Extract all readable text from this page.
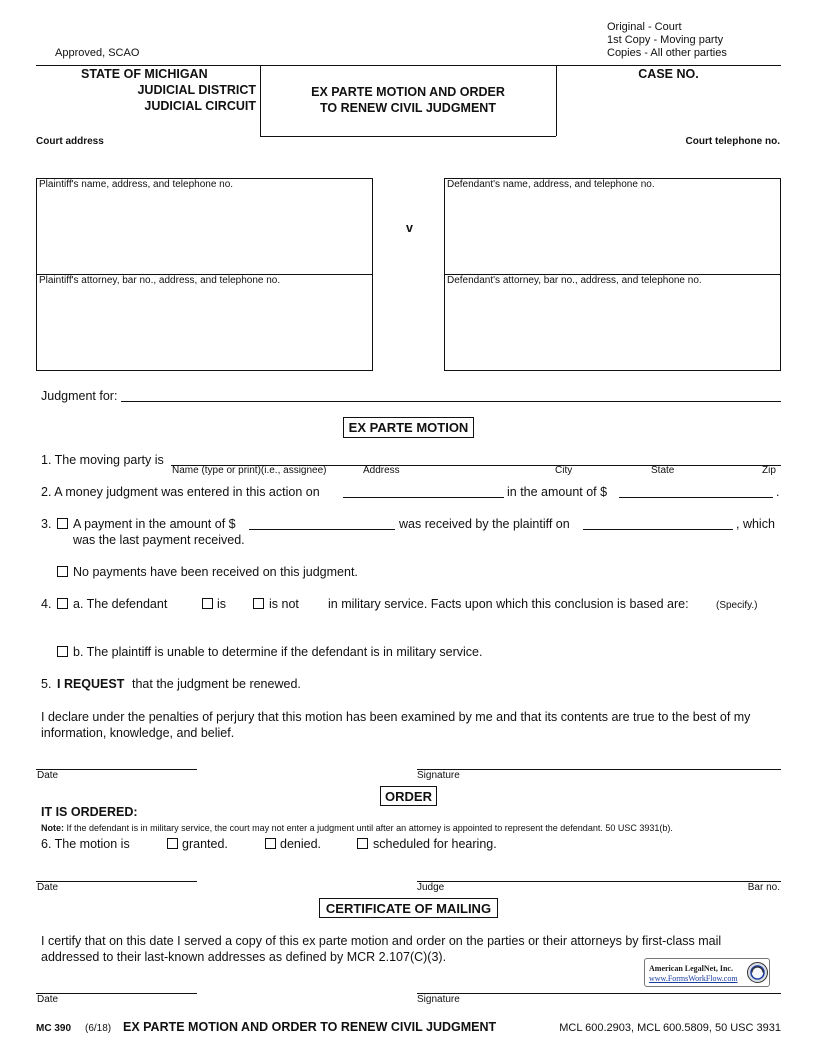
Approved, SCAO
Original - Court
1st Copy - Moving party
Copies - All other parties
STATE OF MICHIGAN
JUDICIAL DISTRICT
JUDICIAL CIRCUIT
EX PARTE MOTION AND ORDER
TO RENEW CIVIL JUDGMENT
CASE NO.
Court address	Court telephone no.
Plaintiff's name, address, and telephone no.
Plaintiff's attorney, bar no., address, and telephone no.
v
Defendant's name, address, and telephone no.
Defendant's attorney, bar no., address, and telephone no.
Judgment for:
EX PARTE MOTION
1. The moving party is
Name (type or print)(i.e., assignee)	Address	City	State	Zip
2. A money judgment was entered in this action on	in the amount of $	.
3. A payment in the amount of $	was received by the plaintiff on	, which
was the last payment received.
No payments have been received on this judgment.
4. a. The defendant	is	is not in military service. Facts upon which this conclusion is based are:	(Specify.)
b. The plaintiff is unable to determine if the defendant is in military service.
5. I REQUEST that the judgment be renewed.
I declare under the penalties of perjury that this motion has been examined by me and that its contents are true to the best of my information, knowledge, and belief.
Date	Signature
ORDER
IT IS ORDERED:
Note: If the defendant is in military service, the court may not enter a judgment until after an attorney is appointed to represent the defendant. 50 USC 3931(b).
6. The motion is	granted.	denied.	scheduled for hearing.
Date	Judge	Bar no.
CERTIFICATE OF MAILING
I certify that on this date I served a copy of this ex parte motion and order on the parties or their attorneys by first-class mail addressed to their last-known addresses as defined by MCR 2.107(C)(3).
American LegalNet, Inc.
www.FormsWorkFlow.com
Date	Signature
MC 390 (6/18) EX PARTE MOTION AND ORDER TO RENEW CIVIL JUDGMENT	MCL 600.2903, MCL 600.5809, 50 USC 3931
